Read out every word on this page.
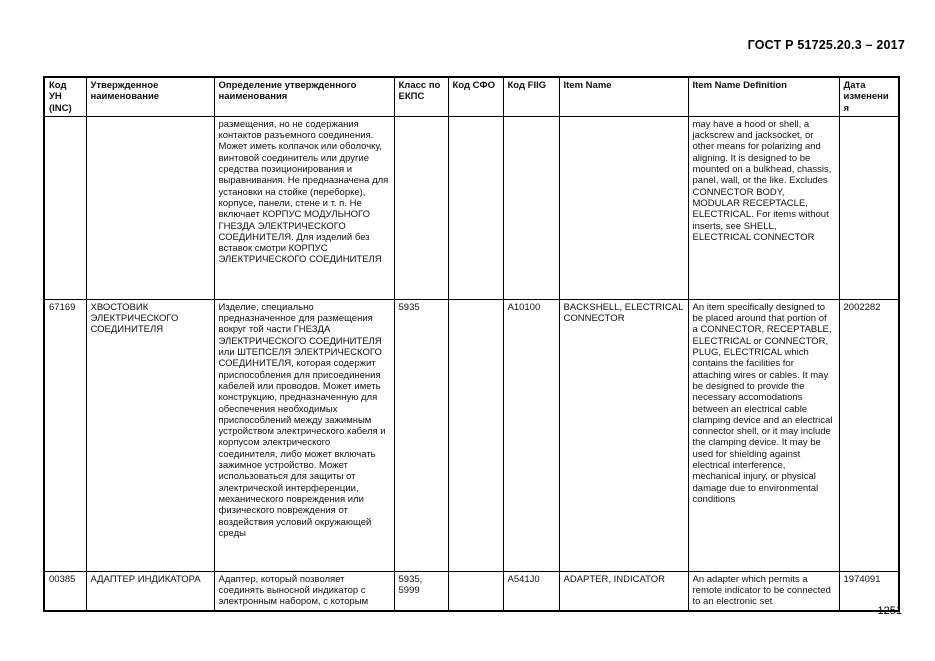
ГОСТ Р 51725.20.3 – 2017
Код УН (INC)	Утвержденное наименование	Определение утвержденного наименования	Класс по ЕКПС	Код СФО	Код FIIG	Item Name	Item Name Definition	Дата изменения
		размещения, но не содержания контактов разъемного соединения. Может иметь колпачок или оболочку, винтовой соединитель или другие средства позиционирования и выравнивания. Не предназначена для установки на стойке (переборке), корпусе, панели, стене и т. п. Не включает КОРПУС МОДУЛЬНОГО ГНЕЗДА ЭЛЕКТРИЧЕСКОГО СОЕДИНИТЕЛЯ. Для изделий без вставок смотри КОРПУС ЭЛЕКТРИЧЕСКОГО СОЕДИНИТЕЛЯ					may have a hood or shell, a jackscrew and jacksocket, or other means for polarizing and aligning. It is designed to be mounted on a bulkhead, chassis, panel, wall, or the like. Excludes CONNECTOR BODY, MODULAR RECEPTACLE, ELECTRICAL. For items without inserts, see SHELL, ELECTRICAL CONNECTOR	
67169	ХВОСТОВИК ЭЛЕКТРИЧЕСКОГО СОЕДИНИТЕЛЯ	Изделие, специально предназначенное для размещения вокруг той части ГНЕЗДА ЭЛЕКТРИЧЕСКОГО СОЕДИНИТЕЛЯ или ШТЕПСЕЛЯ ЭЛЕКТРИЧЕСКОГО СОЕДИНИТЕЛЯ, которая содержит приспособления для присоединения кабелей или проводов. Может иметь конструкцию, предназначенную для обеспечения необходимых приспособлений между зажимным устройством электрического кабеля и корпусом электрического соединителя, либо может включать зажимное устройство. Может использоваться для защиты от электрической интерференции, механического повреждения или физического повреждения от воздействия условий окружающей среды	5935		A10100	BACKSHELL, ELECTRICAL CONNECTOR	An item specifically designed to be placed around that portion of a CONNECTOR, RECEPTABLE, ELECTRICAL or CONNECTOR, PLUG, ELECTRICAL which contains the facilities for attaching wires or cables. It may be designed to provide the necessary accomodations between an electrical cable clamping device and an electrical connector shell, or it may include the clamping device. It may be used for shielding against electrical interference, mechanical injury, or physical damage due to environmental conditions	2002282

00385	АДАПТЕР ИНДИКАТОРА	Адаптер, который позволяет соединять выносной индикатор с электронным набором, с которым	5935, 5999		A541J0	ADAPTER, INDICATOR	An adapter which permits a remote indicator to be connected to an electronic set	1974091
1251
